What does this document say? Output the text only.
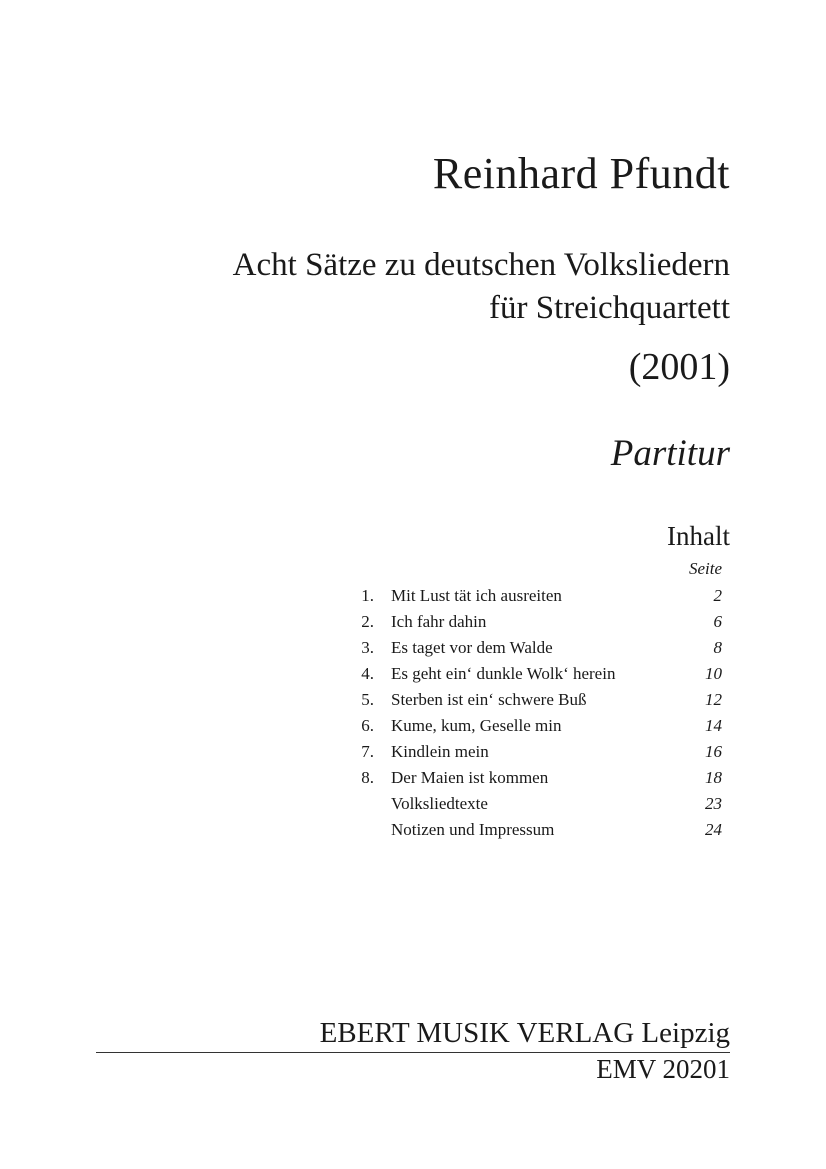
Reinhard Pfundt
Acht Sätze zu deutschen Volksliedern
für Streichquartett
(2001)
Partitur
Inhalt
Seite
1. Mit Lust tät ich ausreiten	2
2. Ich fahr dahin	6
3. Es taget vor dem Walde	8
4. Es geht ein‘ dunkle Wolk‘ herein	10
5. Sterben ist ein‘ schwere Buß	12
6. Kume, kum, Geselle min	14
7. Kindlein mein	16
8. Der Maien ist kommen	18
Volksliedtexte	23
Notizen und Impressum	24
EBERT MUSIK VERLAG Leipzig
EMV 20201
